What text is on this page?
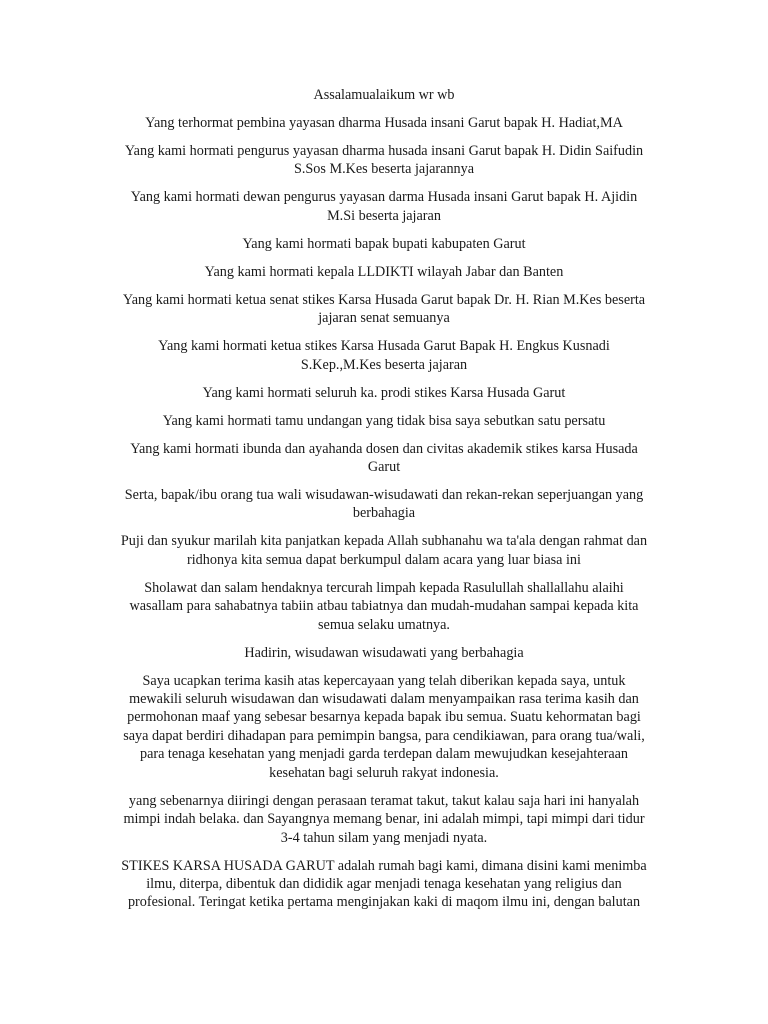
Assalamualaikum wr wb

Yang terhormat pembina yayasan dharma Husada insani Garut bapak H. Hadiat,MA

Yang kami hormati pengurus yayasan dharma husada insani Garut bapak H. Didin Saifudin
S.Sos M.Kes beserta jajarannya

Yang kami hormati dewan pengurus yayasan darma Husada insani Garut bapak H. Ajidin
M.Si beserta jajaran

Yang kami hormati bapak bupati kabupaten Garut

Yang kami hormati kepala LLDIKTI wilayah Jabar dan Banten

Yang kami hormati ketua senat stikes Karsa Husada Garut bapak Dr. H. Rian M.Kes beserta
jajaran senat semuanya

Yang kami hormati ketua stikes Karsa Husada Garut Bapak H. Engkus Kusnadi
S.Kep.,M.Kes beserta jajaran

Yang kami hormati seluruh ka. prodi stikes Karsa Husada Garut

Yang kami hormati tamu undangan yang tidak bisa saya sebutkan satu persatu

Yang kami hormati ibunda dan ayahanda dosen dan civitas akademik stikes karsa Husada
Garut

Serta, bapak/ibu orang tua wali wisudawan-wisudawati dan rekan-rekan seperjuangan yang
berbahagia

Puji dan syukur marilah kita panjatkan kepada Allah subhanahu wa ta'ala dengan rahmat dan
ridhonya kita semua dapat berkumpul dalam acara yang luar biasa ini

Sholawat dan salam hendaknya tercurah limpah kepada Rasulullah shallallahu alaihi
wasallam para sahabatnya tabiin atbau tabiatnya dan mudah-mudahan sampai kepada kita
semua selaku umatnya.

Hadirin, wisudawan wisudawati yang berbahagia

Saya ucapkan terima kasih atas kepercayaan yang telah diberikan kepada saya, untuk
mewakili seluruh wisudawan dan wisudawati dalam menyampaikan rasa terima kasih dan
permohonan maaf yang sebesar besarnya kepada bapak ibu semua. Suatu kehormatan bagi
saya dapat berdiri dihadapan para pemimpin bangsa, para cendikiawan, para orang tua/wali,
para tenaga kesehatan yang menjadi garda terdepan dalam mewujudkan kesejahteraan
kesehatan bagi seluruh rakyat indonesia.

yang sebenarnya diiringi dengan perasaan teramat takut, takut kalau saja hari ini hanyalah
mimpi indah belaka. dan Sayangnya memang benar, ini adalah mimpi, tapi mimpi dari tidur
3-4 tahun silam yang menjadi nyata.

STIKES KARSA HUSADA GARUT adalah rumah bagi kami, dimana disini kami menimba
ilmu, diterpa, dibentuk dan dididik agar menjadi tenaga kesehatan yang religius dan
profesional. Teringat ketika pertama menginjakan kaki di maqom ilmu ini, dengan balutan
